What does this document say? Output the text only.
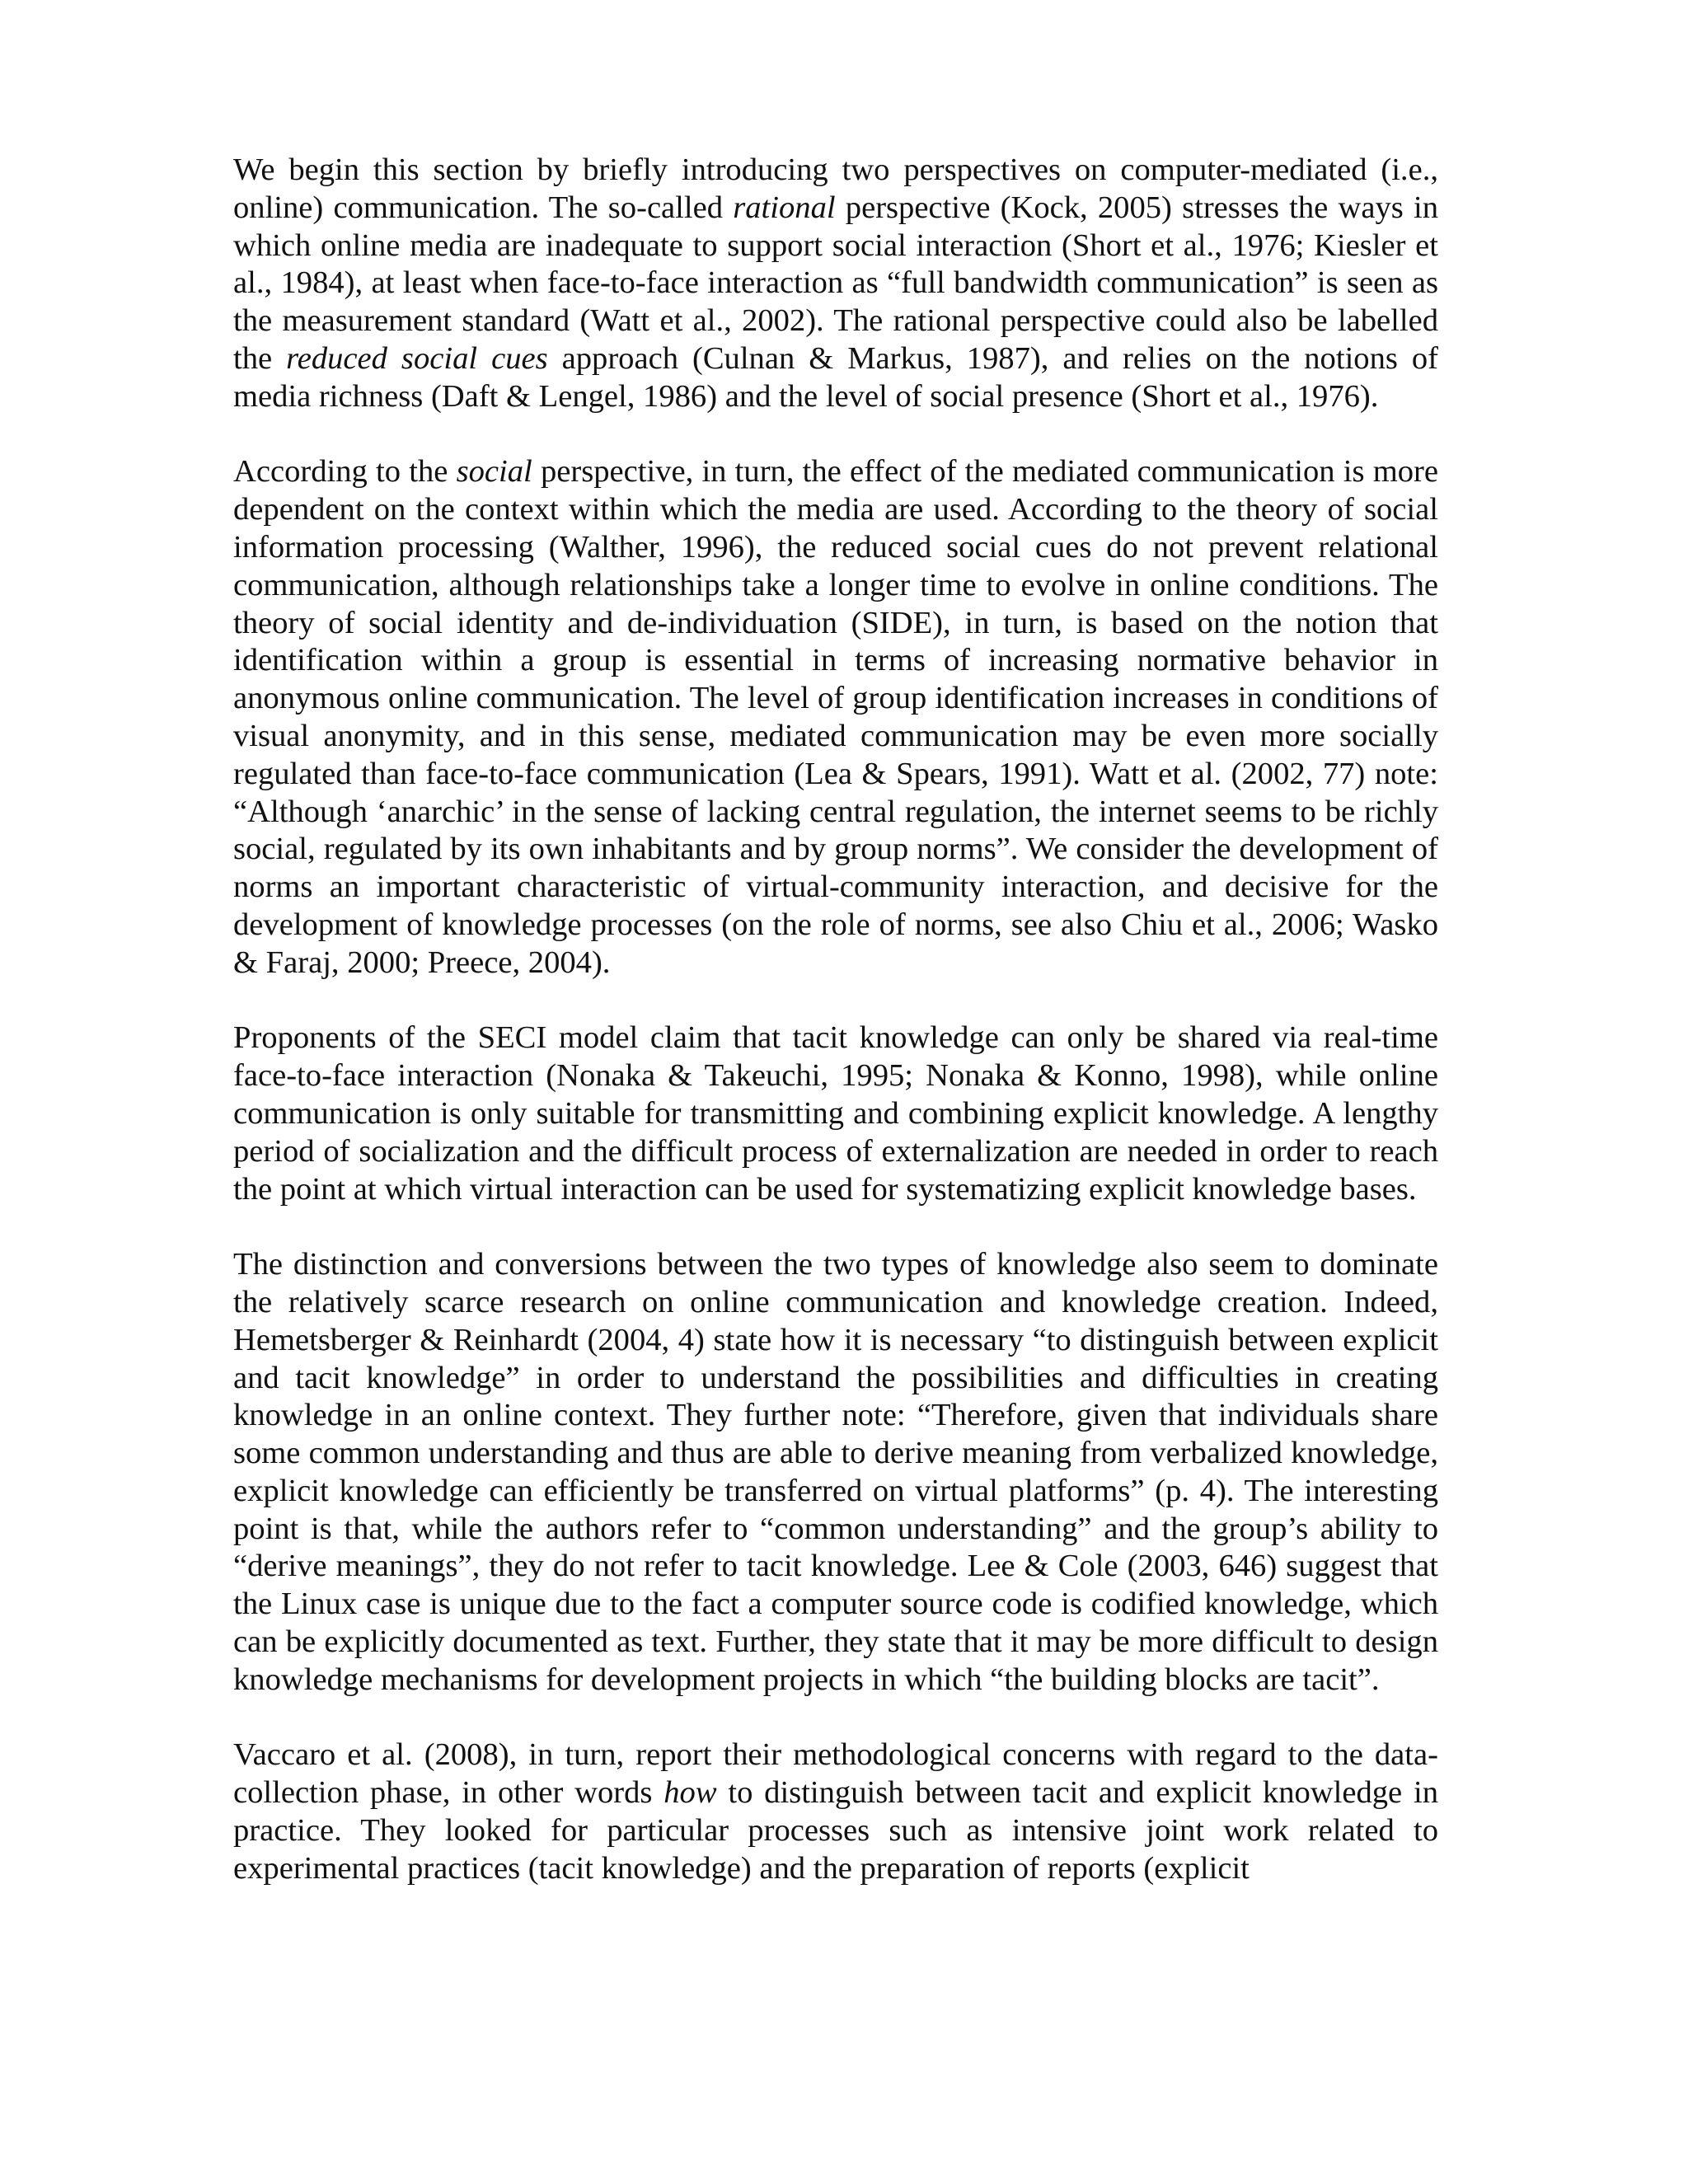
We begin this section by briefly introducing two perspectives on computer-mediated (i.e., online) communication. The so-called rational perspective (Kock, 2005) stresses the ways in which online media are inadequate to support social interaction (Short et al., 1976; Kiesler et al., 1984), at least when face-to-face interaction as “full bandwidth communication” is seen as the measurement standard (Watt et al., 2002). The rational perspective could also be labelled the reduced social cues approach (Culnan & Markus, 1987), and relies on the notions of media richness (Daft & Lengel, 1986) and the level of social presence (Short et al., 1976).

According to the social perspective, in turn, the effect of the mediated communication is more dependent on the context within which the media are used. According to the theory of social information processing (Walther, 1996), the reduced social cues do not prevent relational communication, although relationships take a longer time to evolve in online conditions. The theory of social identity and de-individuation (SIDE), in turn, is based on the notion that identification within a group is essential in terms of increasing normative behavior in anonymous online communication. The level of group identification increases in conditions of visual anonymity, and in this sense, mediated communication may be even more socially regulated than face-to-face communication (Lea & Spears, 1991). Watt et al. (2002, 77) note: “Although ‘anarchic’ in the sense of lacking central regulation, the internet seems to be richly social, regulated by its own inhabitants and by group norms”. We consider the development of norms an important characteristic of virtual-community interaction, and decisive for the development of knowledge processes (on the role of norms, see also Chiu et al., 2006; Wasko & Faraj, 2000; Preece, 2004).

Proponents of the SECI model claim that tacit knowledge can only be shared via real-time face-to-face interaction (Nonaka & Takeuchi, 1995; Nonaka & Konno, 1998), while online communication is only suitable for transmitting and combining explicit knowledge. A lengthy period of socialization and the difficult process of externalization are needed in order to reach the point at which virtual interaction can be used for systematizing explicit knowledge bases.

The distinction and conversions between the two types of knowledge also seem to dominate the relatively scarce research on online communication and knowledge creation. Indeed, Hemetsberger & Reinhardt (2004, 4) state how it is necessary “to distinguish between explicit and tacit knowledge” in order to understand the possibilities and difficulties in creating knowledge in an online context. They further note: “Therefore, given that individuals share some common understanding and thus are able to derive meaning from verbalized knowledge, explicit knowledge can efficiently be transferred on virtual platforms” (p. 4). The interesting point is that, while the authors refer to “common understanding” and the group’s ability to “derive meanings”, they do not refer to tacit knowledge. Lee & Cole (2003, 646) suggest that the Linux case is unique due to the fact a computer source code is codified knowledge, which can be explicitly documented as text. Further, they state that it may be more difficult to design knowledge mechanisms for development projects in which “the building blocks are tacit”.

Vaccaro et al. (2008), in turn, report their methodological concerns with regard to the data-collection phase, in other words how to distinguish between tacit and explicit knowledge in practice. They looked for particular processes such as intensive joint work related to experimental practices (tacit knowledge) and the preparation of reports (explicit
